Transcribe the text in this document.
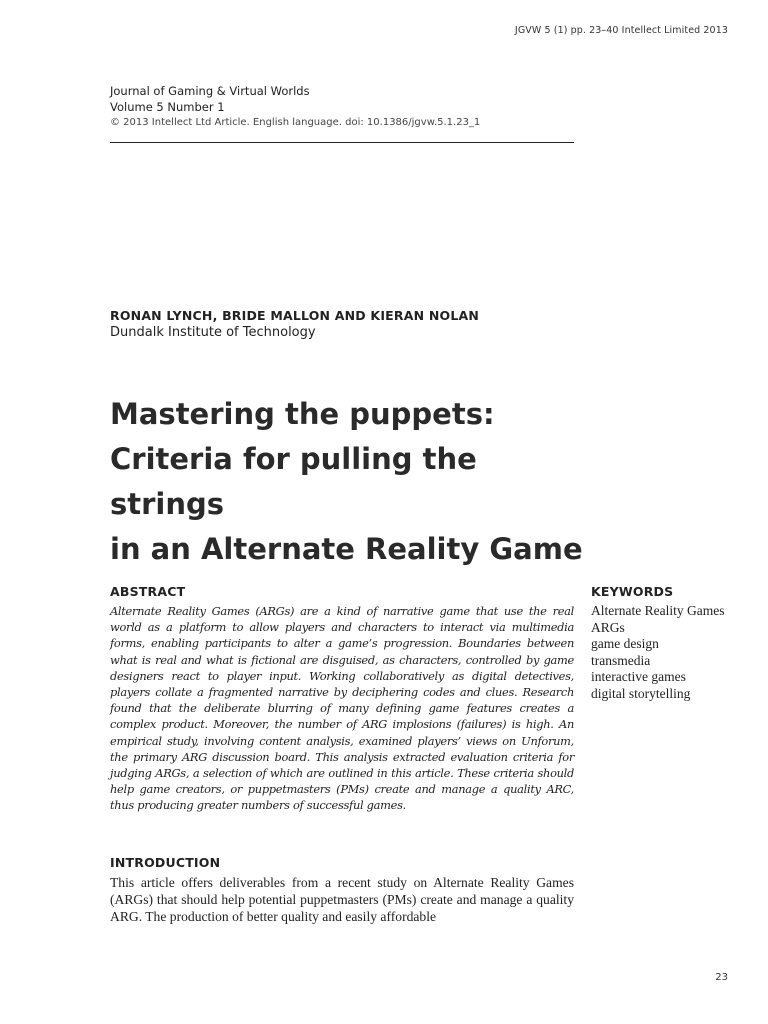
JGVW 5 (1) pp. 23–40 Intellect Limited 2013
Journal of Gaming & Virtual Worlds
Volume 5 Number 1
© 2013 Intellect Ltd Article. English language. doi: 10.1386/jgvw.5.1.23_1
RONAN LYNCH, BRIDE MALLON AND KIERAN NOLAN
Dundalk Institute of Technology
Mastering the puppets:
Criteria for pulling the strings
in an Alternate Reality Game
ABSTRACT

Alternate Reality Games (ARGs) are a kind of narrative game that use the real world as a platform to allow players and characters to interact via multimedia forms, enabling participants to alter a game’s progression. Boundaries between what is real and what is fictional are disguised, as characters, controlled by game designers react to player input. Working collaboratively as digital detectives, players collate a fragmented narrative by deciphering codes and clues. Research found that the deliberate blurring of many defining game features creates a complex product. Moreover, the number of ARG implosions (failures) is high. An empirical study, involving content analysis, examined players’ views on Unforum, the primary ARG discussion board. This analysis extracted evaluation criteria for judging ARGs, a selection of which are outlined in this article. These criteria should help game creators, or puppetmasters (PMs) create and manage a quality ARC, thus producing greater numbers of successful games.

KEYWORDS
Alternate Reality Games
ARGs
game design
transmedia
interactive games
digital storytelling
INTRODUCTION

This article offers deliverables from a recent study on Alternate Reality Games (ARGs) that should help potential puppetmasters (PMs) create and manage a quality ARG. The production of better quality and easily affordable

23
